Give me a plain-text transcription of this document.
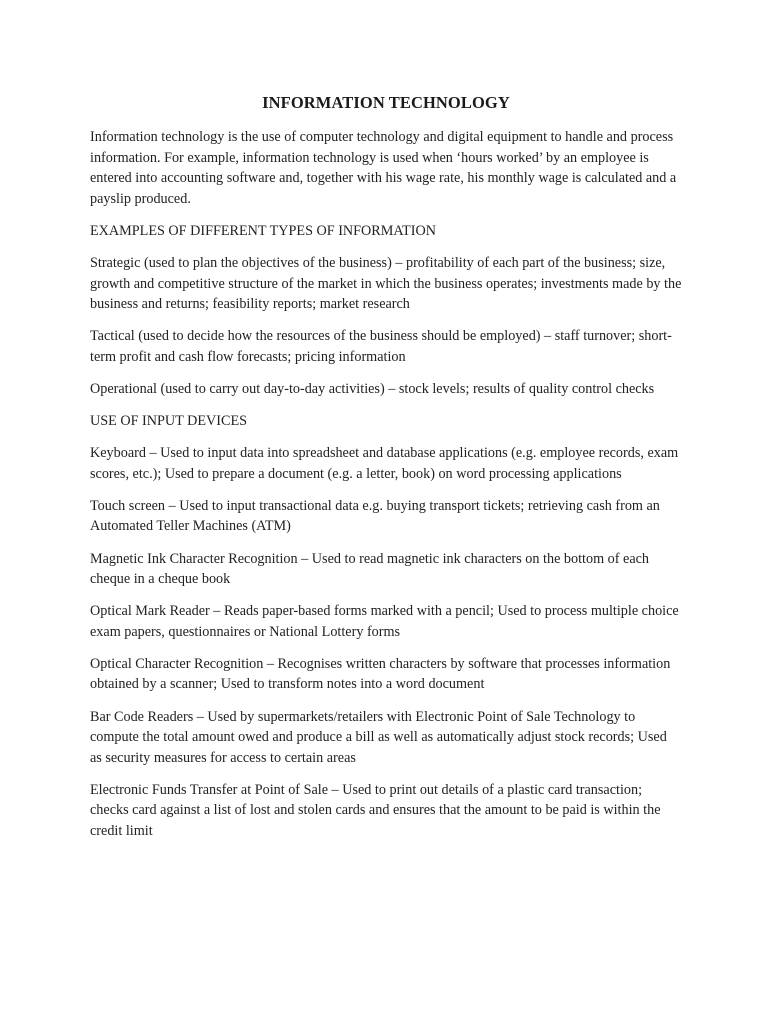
INFORMATION TECHNOLOGY

Information technology is the use of computer technology and digital equipment to handle and process information. For example, information technology is used when ‘hours worked’ by an employee is entered into accounting software and, together with his wage rate, his monthly wage is calculated and a payslip produced.

EXAMPLES OF DIFFERENT TYPES OF INFORMATION

Strategic (used to plan the objectives of the business) – profitability of each part of the business; size, growth and competitive structure of the market in which the business operates; investments made by the business and returns; feasibility reports; market research

Tactical (used to decide how the resources of the business should be employed) – staff turnover; short-term profit and cash flow forecasts; pricing information

Operational (used to carry out day-to-day activities) – stock levels; results of quality control checks

USE OF INPUT DEVICES

Keyboard – Used to input data into spreadsheet and database applications (e.g. employee records, exam scores, etc.); Used to prepare a document (e.g. a letter, book) on word processing applications

Touch screen – Used to input transactional data e.g. buying transport tickets; retrieving cash from an Automated Teller Machines (ATM)

Magnetic Ink Character Recognition – Used to read magnetic ink characters on the bottom of each cheque in a cheque book

Optical Mark Reader – Reads paper-based forms marked with a pencil; Used to process multiple choice exam papers, questionnaires or National Lottery forms

Optical Character Recognition – Recognises written characters by software that processes information obtained by a scanner; Used to transform notes into a word document

Bar Code Readers – Used by supermarkets/retailers with Electronic Point of Sale Technology to compute the total amount owed and produce a bill as well as automatically adjust stock records; Used as security measures for access to certain areas

Electronic Funds Transfer at Point of Sale – Used to print out details of a plastic card transaction; checks card against a list of lost and stolen cards and ensures that the amount to be paid is within the credit limit
